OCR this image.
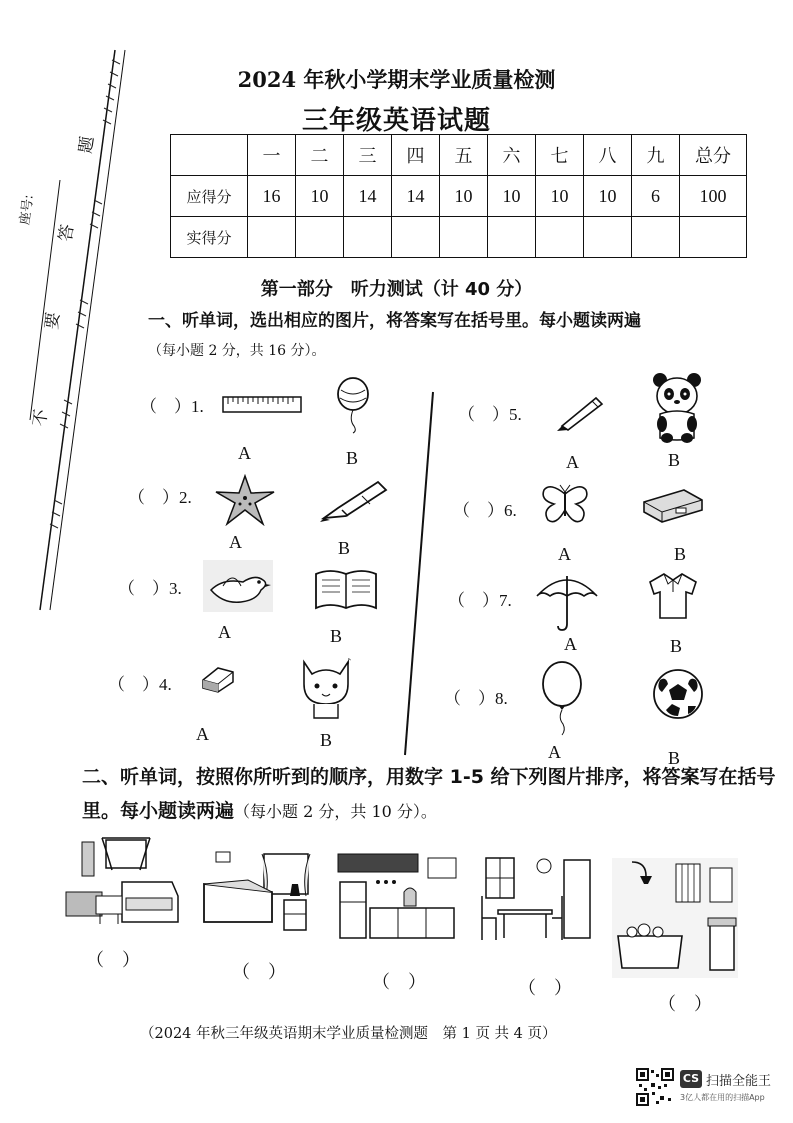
座号:
不
要
答
题
2024 年秋小学期末学业质量检测
三年级英语试题
	一	二	三	四	五	六	七	八	九	总分
应得分	16	10	14	14	10	10	10	10	6	100
实得分										
第一部分　听力测试（计 40 分）
一、听单词，选出相应的图片，将答案写在括号里。每小题读两遍
（每小题 2 分，共 16 分）。
（　）1.
A	B
（　）2.
A	B
（　）3.
A	B
（　）4.
♪
A	B
（　）5.
A	B
（　）6.
A	B
（　）7.
A	B
（　）8.
A	B
二、听单词，按照你所听到的顺序，用数字 1-5 给下列图片排序，将答案写在括号里。每小题读两遍（每小题 2 分，共 10 分）。
（　）
（　）	（　）	（　）
（　）
（2024 年秋三年级英语期末学业质量检测题　第 1 页 共 4 页）
CS 扫描全能王
3亿人都在用的扫描App
